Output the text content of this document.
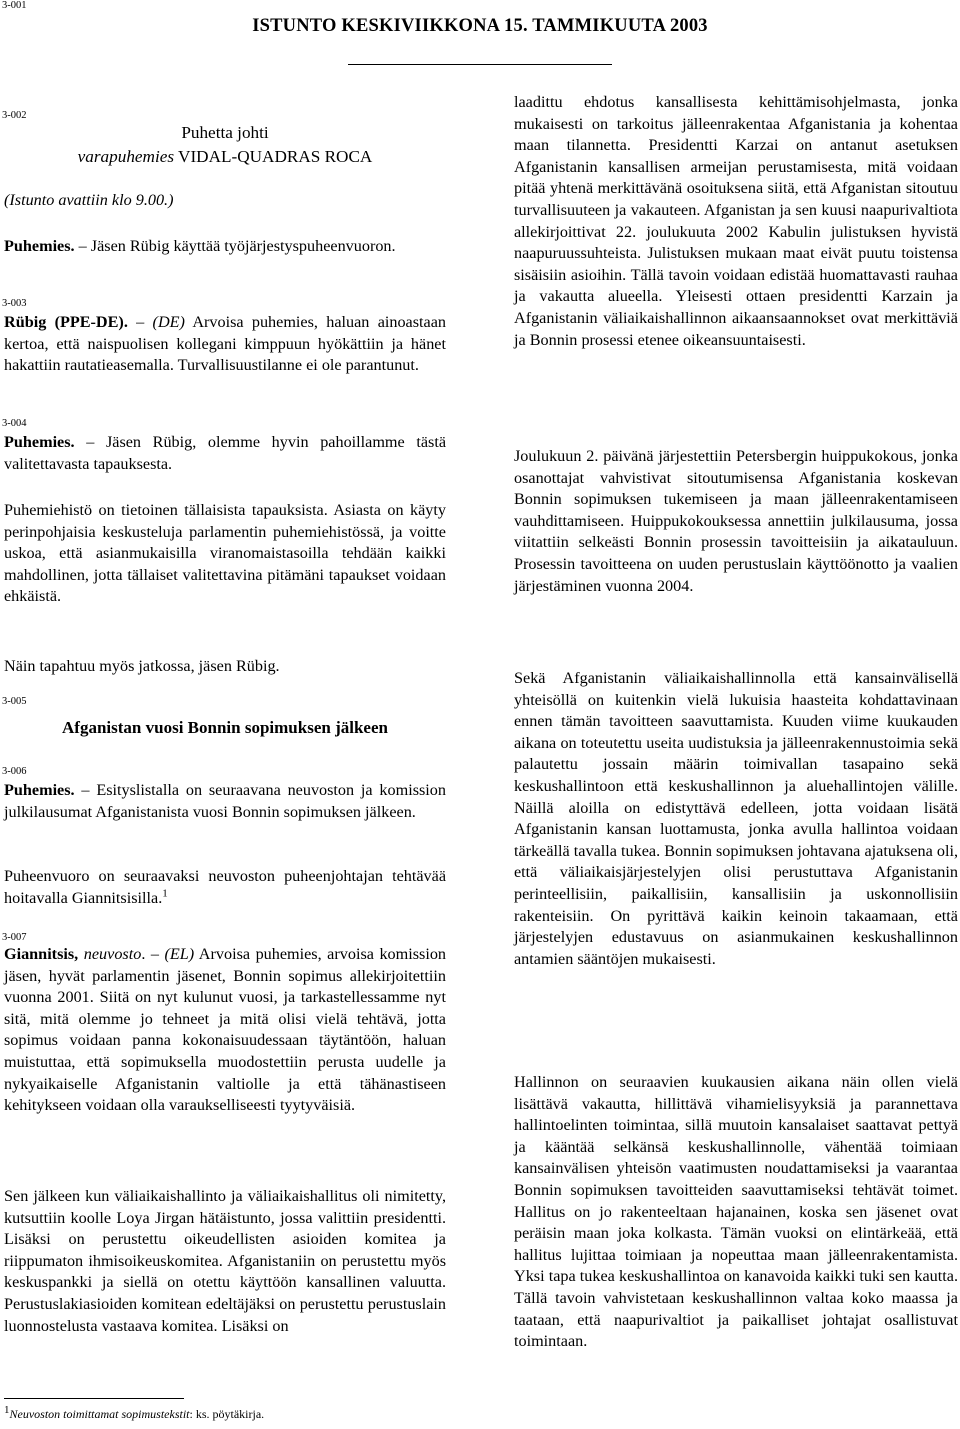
3-001
ISTUNTO KESKIVIIKKONA 15. TAMMIKUUTA 2003
3-002
Puhetta johti
varapuhemies VIDAL-QUADRAS ROCA

(Istunto avattiin klo 9.00.)

Puhemies. – Jäsen Rübig käyttää työjärjestyspuheenvuoron.

3-003

Rübig (PPE-DE). – (DE) Arvoisa puhemies, haluan ainoastaan kertoa, että naispuolisen kollegani kimppuun hyökättiin ja hänet hakattiin rautatieasemalla. Turvallisuustilanne ei ole parantunut.

3-004

Puhemies. – Jäsen Rübig, olemme hyvin pahoillamme tästä valitettavasta tapauksesta.

Puhemiehistö on tietoinen tällaisista tapauksista. Asiasta on käyty perinpohjaisia keskusteluja parlamentin puhemiehistössä, ja voitte uskoa, että asianmukaisilla viranomaistasoilla tehdään kaikki mahdollinen, jotta tällaiset valitettavina pitämäni tapaukset voidaan ehkäistä.

Näin tapahtuu myös jatkossa, jäsen Rübig.

3-005
Afganistan vuosi Bonnin sopimuksen jälkeen
3-006

Puhemies. – Esityslistalla on seuraavana neuvoston ja komission julkilausumat Afganistanista vuosi Bonnin sopimuksen jälkeen.

Puheenvuoro on seuraavaksi neuvoston puheenjohtajan tehtävää hoitavalla Giannitsisilla.$^1$

3-007

Giannitsis, neuvosto. – (EL) Arvoisa puhemies, arvoisa komission jäsen, hyvät parlamentin jäsenet, Bonnin sopimus allekirjoitettiin vuonna 2001. Siitä on nyt kulunut vuosi, ja tarkastellessamme nyt sitä, mitä olemme jo tehneet ja mitä olisi vielä tehtävä, jotta sopimus voidaan panna kokonaisuudessaan täytäntöön, haluan muistuttaa, että sopimuksella muodostettiin perusta uudelle ja nykyaikaiselle Afganistanin valtiolle ja että tähänastiseen kehitykseen voidaan olla varaukselliseesti tyytyväisiä.

Sen jälkeen kun väliaikaishallinto ja väliaikaishallitus oli nimitetty, kutsuttiin koolle Loya Jirgan hätäistunto, jossa valittiin presidentti. Lisäksi on perustettu oikeudellisten asioiden komitea ja riippumaton ihmisoikeuskomitea. Afganistaniin on perustettu myös keskuspankki ja siellä on otettu käyttöön kansallinen valuutta. Perustuslakiasioiden komitean edeltäjäksi on perustettu perustuslain luonnostelusta vastaava komitea. Lisäksi on

$^1$Neuvoston toimittamat sopimustekstit: ks. pöytäkirja.

laadittu ehdotus kansallisesta kehittämisohjelmasta, jonka mukaisesti on tarkoitus jälleenrakentaa Afganistania ja kohentaa maan tilannetta. Presidentti Karzai on antanut asetuksen Afganistanin kansallisen armeijan perustamisesta, mitä voidaan pitää yhtenä merkittävänä osoituksena siitä, että Afganistan sitoutuu turvallisuuteen ja vakauteen. Afganistan ja sen kuusi naapurivaltiota allekirjoittivat 22. joulukuuta 2002 Kabulin julistuksen hyvistä naapuruussuhteista. Julistuksen mukaan maat eivät puutu toistensa sisäisiin asioihin. Tällä tavoin voidaan edistää huomattavasti rauhaa ja vakautta alueella. Yleisesti ottaen presidentti Karzain ja Afganistanin väliaikaishallinnon aikaansaannokset ovat merkittäviä ja Bonnin prosessi etenee oikeansuuntaisesti.

Joulukuun 2. päivänä järjestettiin Petersbergin huippukokous, jonka osanottajat vahvistivat sitoutumisensa Afganistania koskevan Bonnin sopimuksen tukemiseen ja maan jälleenrakentamiseen vauhdittamiseen. Huippukokouksessa annettiin julkilausuma, jossa viitattiin selkeästi Bonnin prosessin tavoitteisiin ja aikatauluun. Prosessin tavoitteena on uuden perustuslain käyttöönotto ja vaalien järjestäminen vuonna 2004.

Sekä Afganistanin väliaikaishallinnolla että kansainvälisellä yhteisöllä on kuitenkin vielä lukuisia haasteita kohdattavinaan ennen tämän tavoitteen saavuttamista. Kuuden viime kuukauden aikana on toteutettu useita uudistuksia ja jälleenrakennustoimia sekä palautettu jossain määrin toimivallan tasapaino sekä keskushallintoon että keskushallinnon ja aluehallintojen välille. Näillä aloilla on edistyttävä edelleen, jotta voidaan lisätä Afganistanin kansan luottamusta, jonka avulla hallintoa voidaan tärkeällä tavalla tukea. Bonnin sopimuksen johtavana ajatuksena oli, että väliaikaisjärjestelyjen olisi perustuttava Afganistanin perinteellisiin, paikallisiin, kansallisiin ja uskonnollisiin rakenteisiin. On pyrittävä kaikin keinoin takaamaan, että järjestelyjen edustavuus on asianmukainen keskushallinnon antamien sääntöjen mukaisesti.

Hallinnon on seuraavien kuukausien aikana näin ollen vielä lisättävä vakautta, hillittävä vihamielisyyksiä ja parannettava hallintoelinten toimintaa, sillä muutoin kansalaiset saattavat pettyä ja kääntää selkänsä keskushallinnolle, vähentää toimiaan kansainvälisen yhteisön vaatimusten noudattamiseksi ja vaarantaa Bonnin sopimuksen tavoitteiden saavuttamiseksi tehtävät toimet. Hallitus on jo rakenteeltaan hajanainen, koska sen jäsenet ovat peräisin maan joka kolkasta. Tämän vuoksi on elintärkeää, että hallitus lujittaa toimiaan ja nopeuttaa maan jälleenrakentamista. Yksi tapa tukea keskushallintoa on kanavoida kaikki tuki sen kautta. Tällä tavoin vahvistetaan keskushallinnon valtaa koko maassa ja taataan, että naapurivaltiot ja paikalliset johtajat osallistuvat toimintaan.
